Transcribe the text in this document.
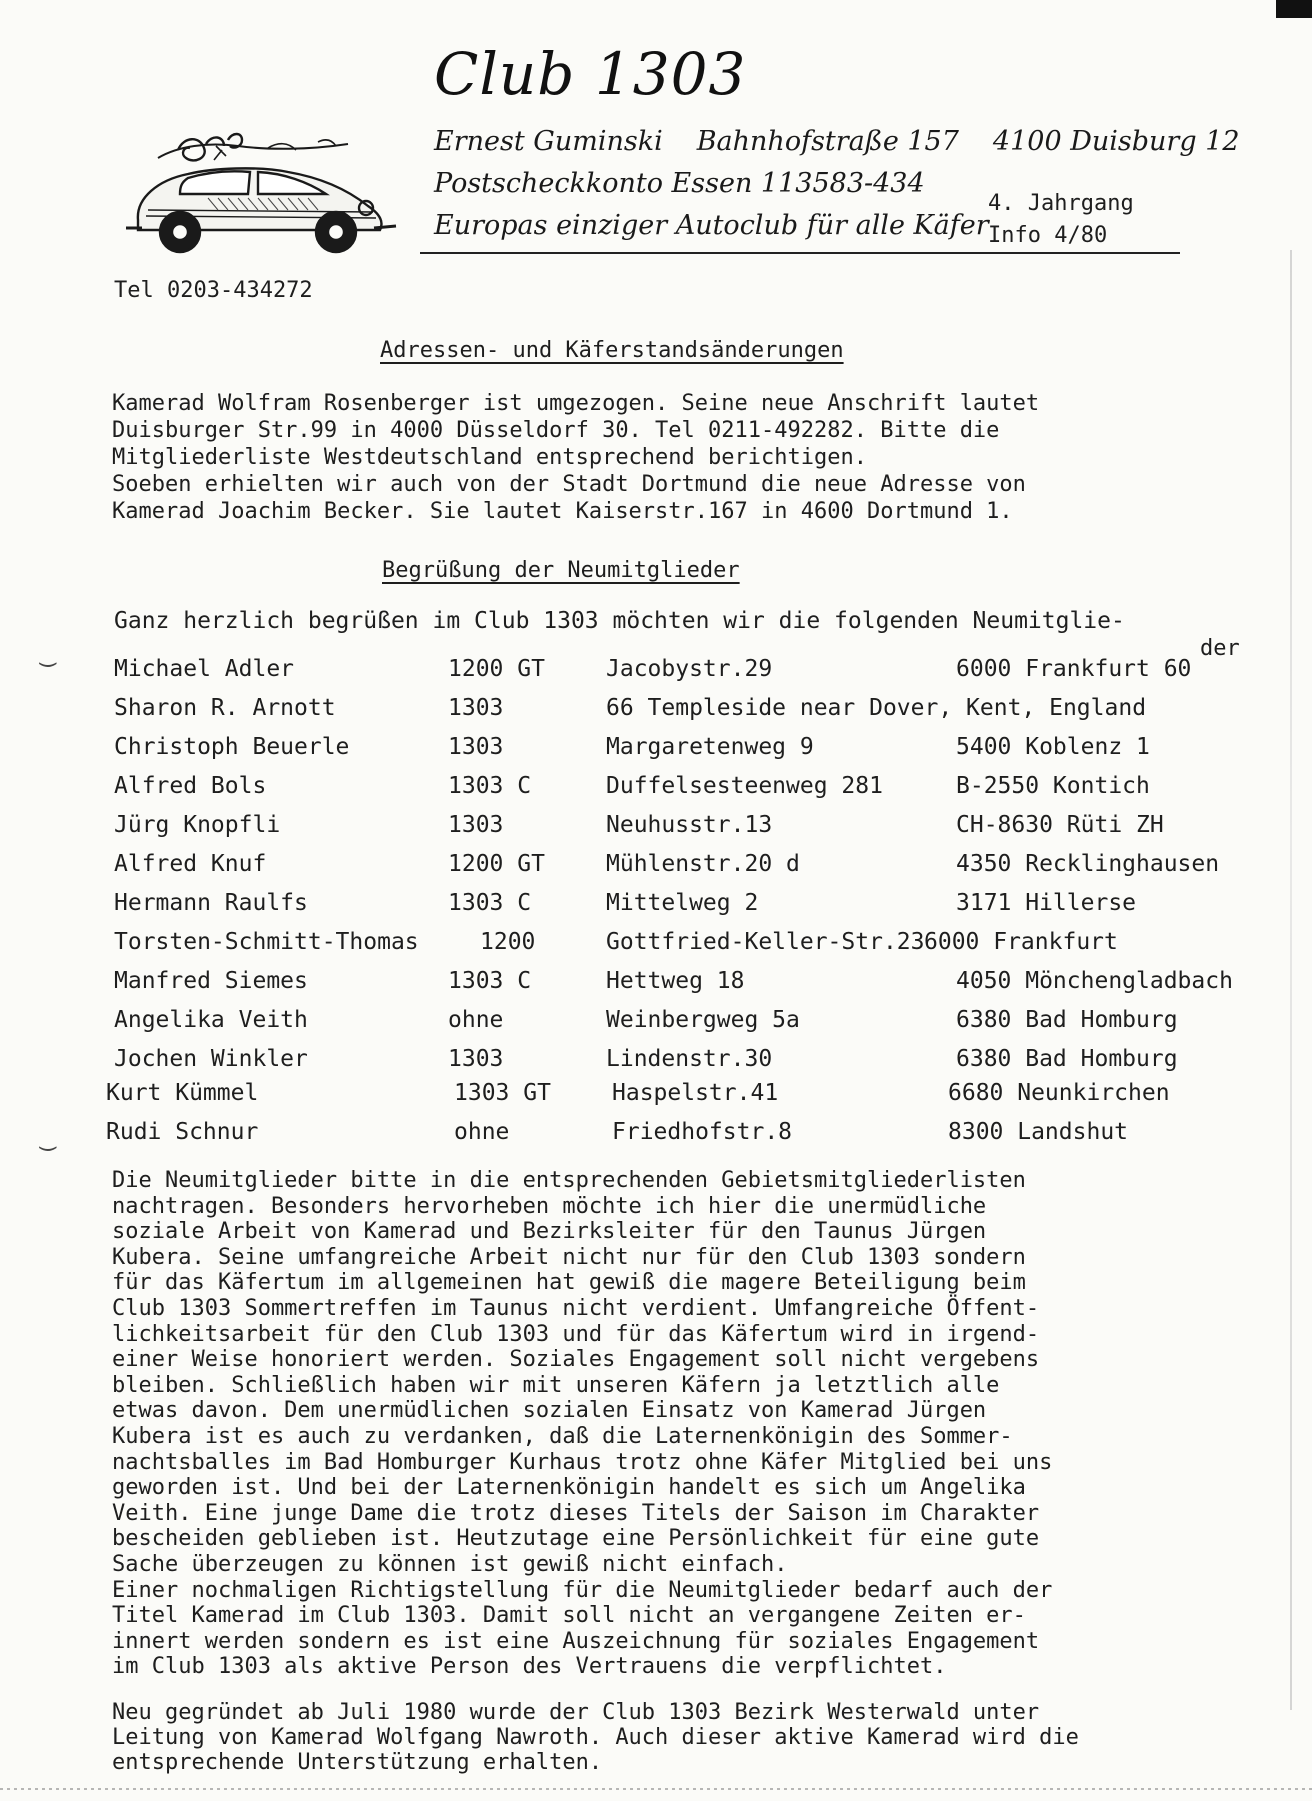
Club 1303
Ernest Guminski Bahnhofstraße 157 4100 Duisburg 12
Postscheckkonto Essen 113583-434
Europas einziger Autoclub für alle Käfer
4. Jahrgang
Info 4/80
Tel 0203-434272
Adressen- und Käferstandsänderungen
Kamerad Wolfram Rosenberger ist umgezogen. Seine neue Anschrift lautet
Duisburger Str.99 in 4000 Düsseldorf 30. Tel 0211-492282. Bitte die
Mitgliederliste Westdeutschland entsprechend berichtigen.
Soeben erhielten wir auch von der Stadt Dortmund die neue Adresse von
Kamerad Joachim Becker. Sie lautet Kaiserstr.167 in 4600 Dortmund 1.
Begrüßung der Neumitglieder
Ganz herzlich begrüßen im Club 1303 möchten wir die folgenden Neumitglie-
der
‿
Michael Adler	1200 GT	Jacobystr.29	6000 Frankfurt 60
Sharon R. Arnott	1303	66 Templeside near Dover, Kent, England
Christoph Beuerle	1303	Margaretenweg 9	5400 Koblenz 1
Alfred Bols	1303 C	Duffelsesteenweg 281	B-2550 Kontich
Jürg Knopfli	1303	Neuhusstr.13	CH-8630 Rüti ZH
Alfred Knuf	1200 GT	Mühlenstr.20 d	4350 Recklinghausen
Hermann Raulfs	1303 C	Mittelweg 2	3171 Hillerse
Torsten-Schmitt-Thomas	1200	Gottfried-Keller-Str.23 6000 Frankfurt
Manfred Siemes	1303 C	Hettweg 18	4050 Mönchengladbach
Angelika Veith	ohne	Weinbergweg 5a	6380 Bad Homburg
Jochen Winkler	1303	Lindenstr.30	6380 Bad Homburg
Kurt Kümmel	1303 GT	Haspelstr.41	6680 Neunkirchen
Rudi Schnur	ohne	Friedhofstr.8	8300 Landshut
‿
Die Neumitglieder bitte in die entsprechenden Gebietsmitgliederlisten
nachtragen. Besonders hervorheben möchte ich hier die unermüdliche
soziale Arbeit von Kamerad und Bezirksleiter für den Taunus Jürgen
Kubera. Seine umfangreiche Arbeit nicht nur für den Club 1303 sondern
für das Käfertum im allgemeinen hat gewiß die magere Beteiligung beim
Club 1303 Sommertreffen im Taunus nicht verdient. Umfangreiche Öffent-
lichkeitsarbeit für den Club 1303 und für das Käfertum wird in irgend-
einer Weise honoriert werden. Soziales Engagement soll nicht vergebens
bleiben. Schließlich haben wir mit unseren Käfern ja letztlich alle
etwas davon. Dem unermüdlichen sozialen Einsatz von Kamerad Jürgen
Kubera ist es auch zu verdanken, daß die Laternenkönigin des Sommer-
nachtsballes im Bad Homburger Kurhaus trotz ohne Käfer Mitglied bei uns
geworden ist. Und bei der Laternenkönigin handelt es sich um Angelika
Veith. Eine junge Dame die trotz dieses Titels der Saison im Charakter
bescheiden geblieben ist. Heutzutage eine Persönlichkeit für eine gute
Sache überzeugen zu können ist gewiß nicht einfach.
Einer nochmaligen Richtigstellung für die Neumitglieder bedarf auch der
Titel Kamerad im Club 1303. Damit soll nicht an vergangene Zeiten er-
innert werden sondern es ist eine Auszeichnung für soziales Engagement
im Club 1303 als aktive Person des Vertrauens die verpflichtet.
Neu gegründet ab Juli 1980 wurde der Club 1303 Bezirk Westerwald unter
Leitung von Kamerad Wolfgang Nawroth. Auch dieser aktive Kamerad wird die
entsprechende Unterstützung erhalten.
